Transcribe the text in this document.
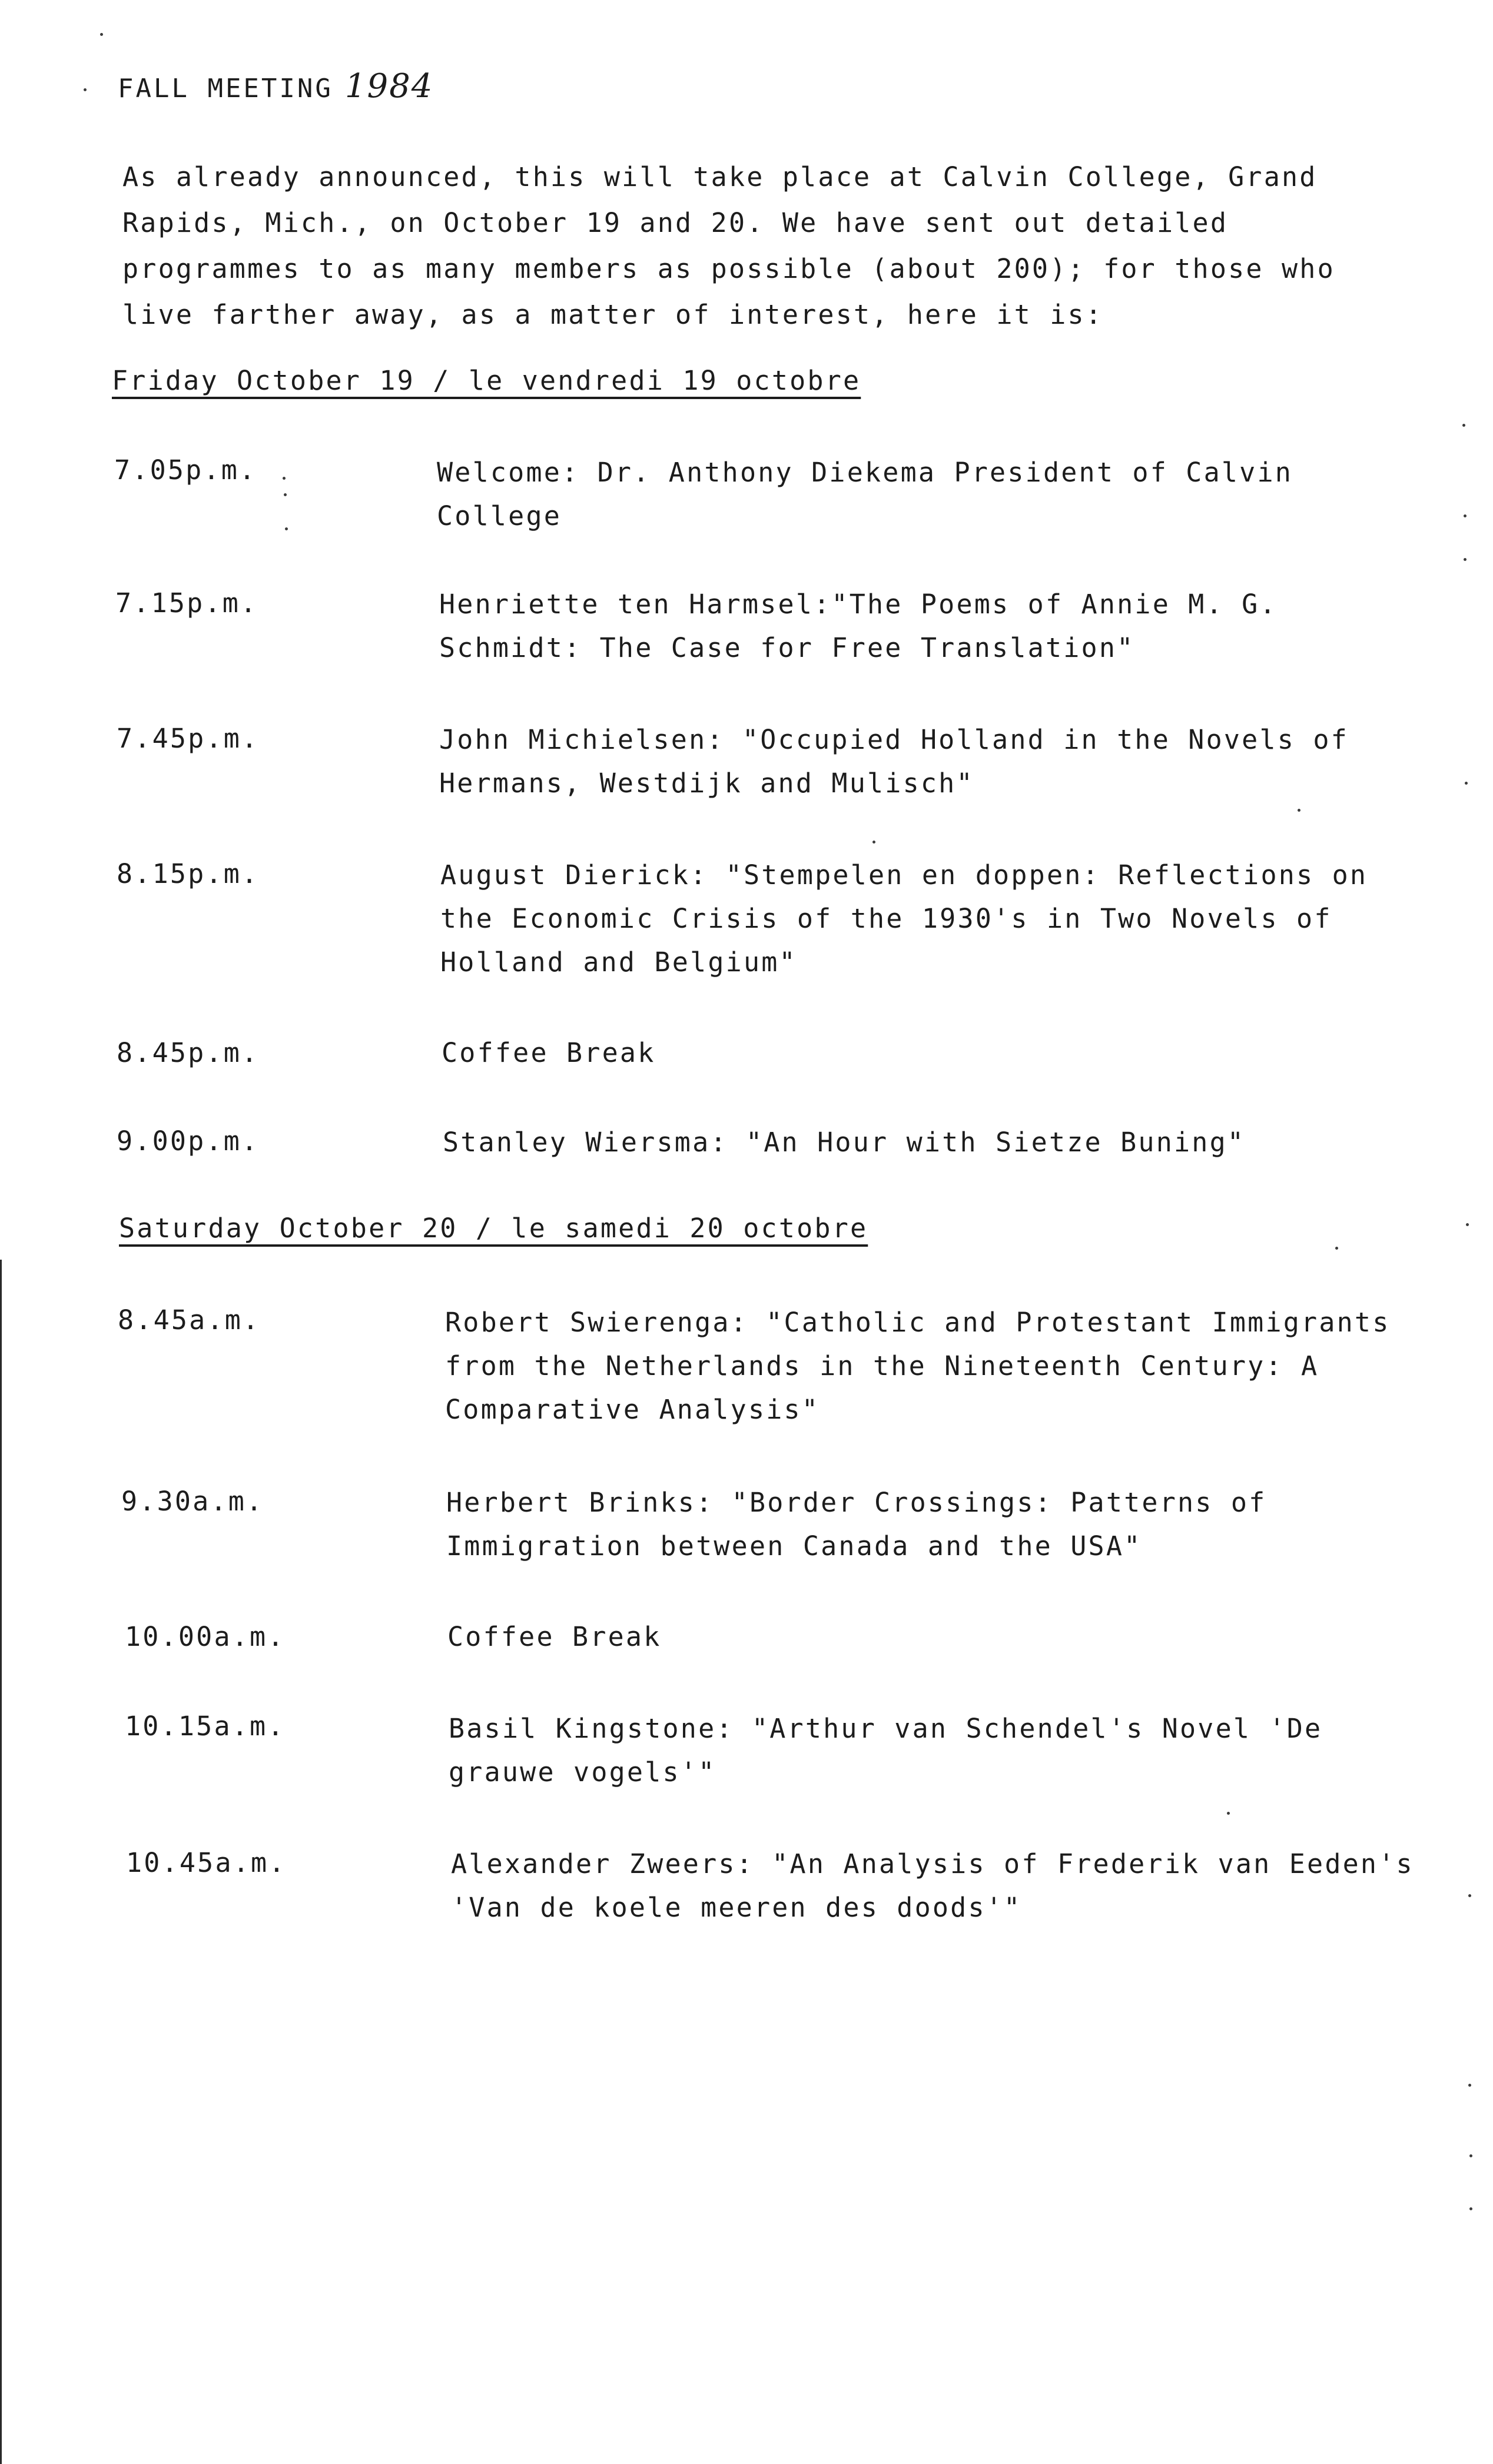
FALL MEETING 1984

As already announced, this will take place at Calvin College, Grand Rapids, Mich., on October 19 and 20. We have sent out detailed programmes to as many members as possible (about 200); for those who live farther away, as a matter of interest, here it is:

Friday October 19 / le vendredi 19 octobre
7.05p.m.	Welcome: Dr. Anthony Diekema President of Calvin College
7.15p.m.	Henriette ten Harmsel:"The Poems of Annie M. G. Schmidt: The Case for Free Translation"
7.45p.m.	John Michielsen: "Occupied Holland in the Novels of Hermans, Westdijk and Mulisch"
8.15p.m.	August Dierick: "Stempelen en doppen: Reflections on the Economic Crisis of the 1930's in Two Novels of Holland and Belgium"
8.45p.m.	Coffee Break
9.00p.m.	Stanley Wiersma: "An Hour with Sietze Buning"
Saturday October 20 / le samedi 20 octobre
8.45a.m.	Robert Swierenga: "Catholic and Protestant Immigrants from the Netherlands in the Nineteenth Century: A Comparative Analysis"
9.30a.m.	Herbert Brinks: "Border Crossings: Patterns of Immigration between Canada and the USA"
10.00a.m.	Coffee Break
10.15a.m.	Basil Kingstone: "Arthur van Schendel's Novel 'De grauwe vogels'"
10.45a.m.	Alexander Zweers: "An Analysis of Frederik van Eeden's 'Van de koele meeren des doods'"
